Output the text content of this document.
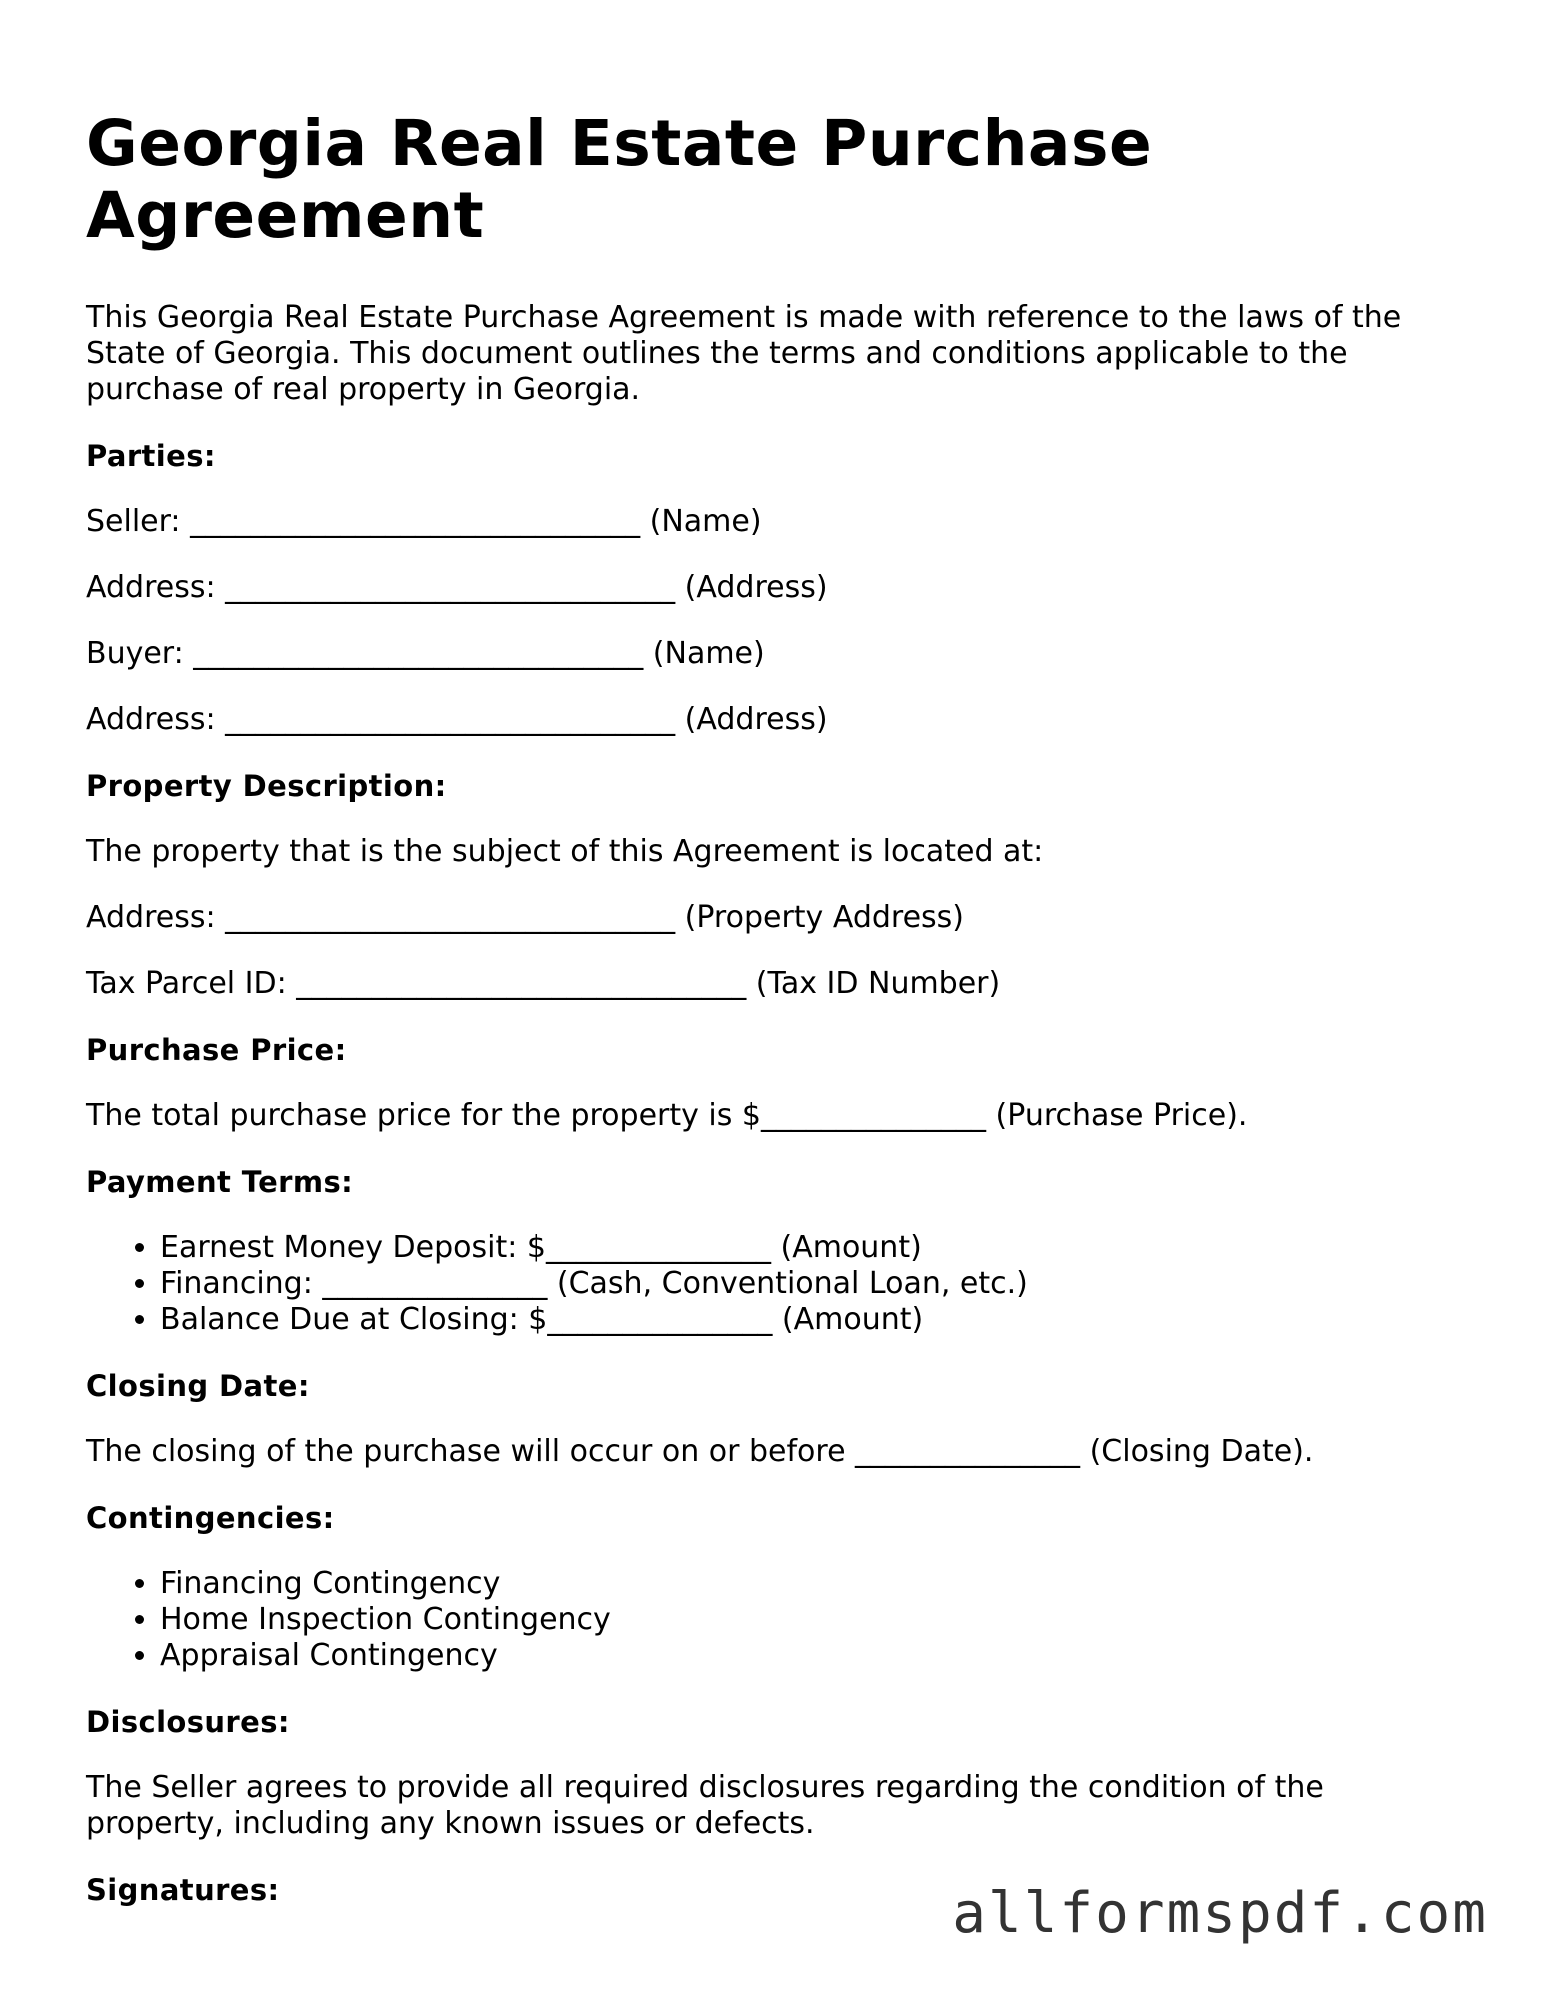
Georgia Real Estate Purchase Agreement

This Georgia Real Estate Purchase Agreement is made with reference to the laws of the State of Georgia. This document outlines the terms and conditions applicable to the purchase of real property in Georgia.

Parties:

Seller: ______________________________ (Name)

Address: ______________________________ (Address)

Buyer: ______________________________ (Name)

Address: ______________________________ (Address)

Property Description:

The property that is the subject of this Agreement is located at:

Address: ______________________________ (Property Address)

Tax Parcel ID: ______________________________ (Tax ID Number)

Purchase Price:

The total purchase price for the property is $_______________ (Purchase Price).

Payment Terms:
• Earnest Money Deposit: $_______________ (Amount)
• Financing: _______________ (Cash, Conventional Loan, etc.)
• Balance Due at Closing: $_______________ (Amount)
Closing Date:

The closing of the purchase will occur on or before _______________ (Closing Date).

Contingencies:
• Financing Contingency
• Home Inspection Contingency
• Appraisal Contingency
Disclosures:

The Seller agrees to provide all required disclosures regarding the condition of the property, including any known issues or defects.

Signatures:	allformspdf.com
